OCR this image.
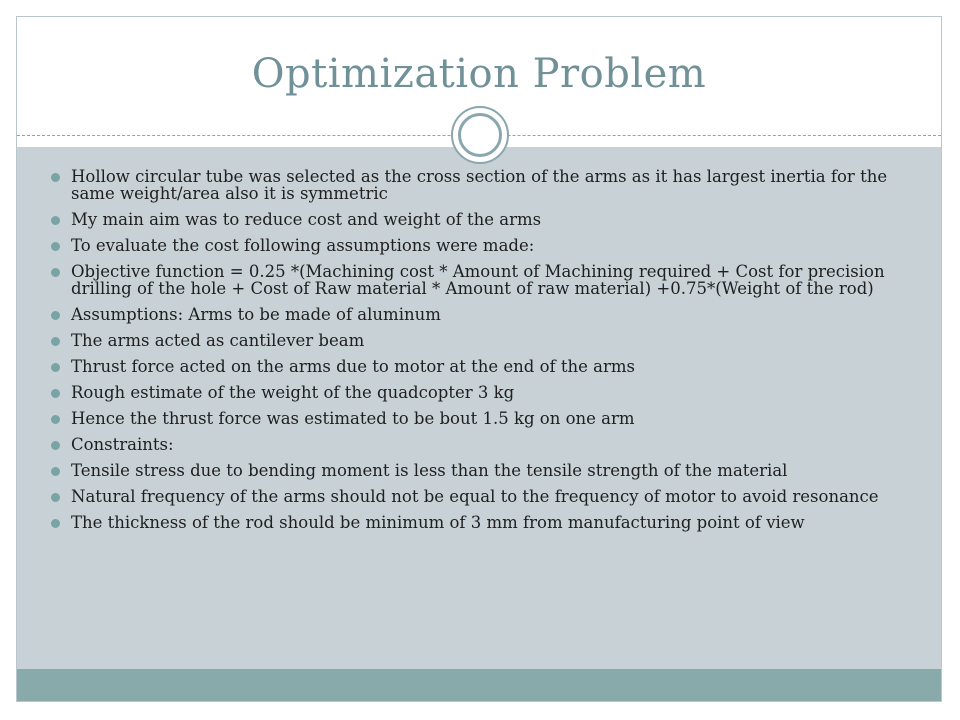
Optimization Problem
Hollow circular tube was selected as the cross section of the arms as it has largest inertia for the same weight/area also it is symmetric
My main aim was to reduce cost and weight of the arms
To evaluate the cost following assumptions were made:
Objective function = 0.25 *(Machining cost * Amount of Machining required + Cost for precision drilling of the hole + Cost of Raw material * Amount of raw material) +0.75*(Weight of the rod)
Assumptions: Arms to be made of aluminum
The arms acted as cantilever beam
Thrust force acted on the arms due to motor at the end of the arms
Rough estimate of the weight of the quadcopter 3 kg
Hence the thrust force was estimated to be bout 1.5 kg on one arm
Constraints:
Tensile stress due to bending moment is less than the tensile strength of the material
Natural frequency of the arms should not be equal to the frequency of motor to avoid resonance
The thickness of the rod should be minimum of 3 mm from manufacturing point of view
